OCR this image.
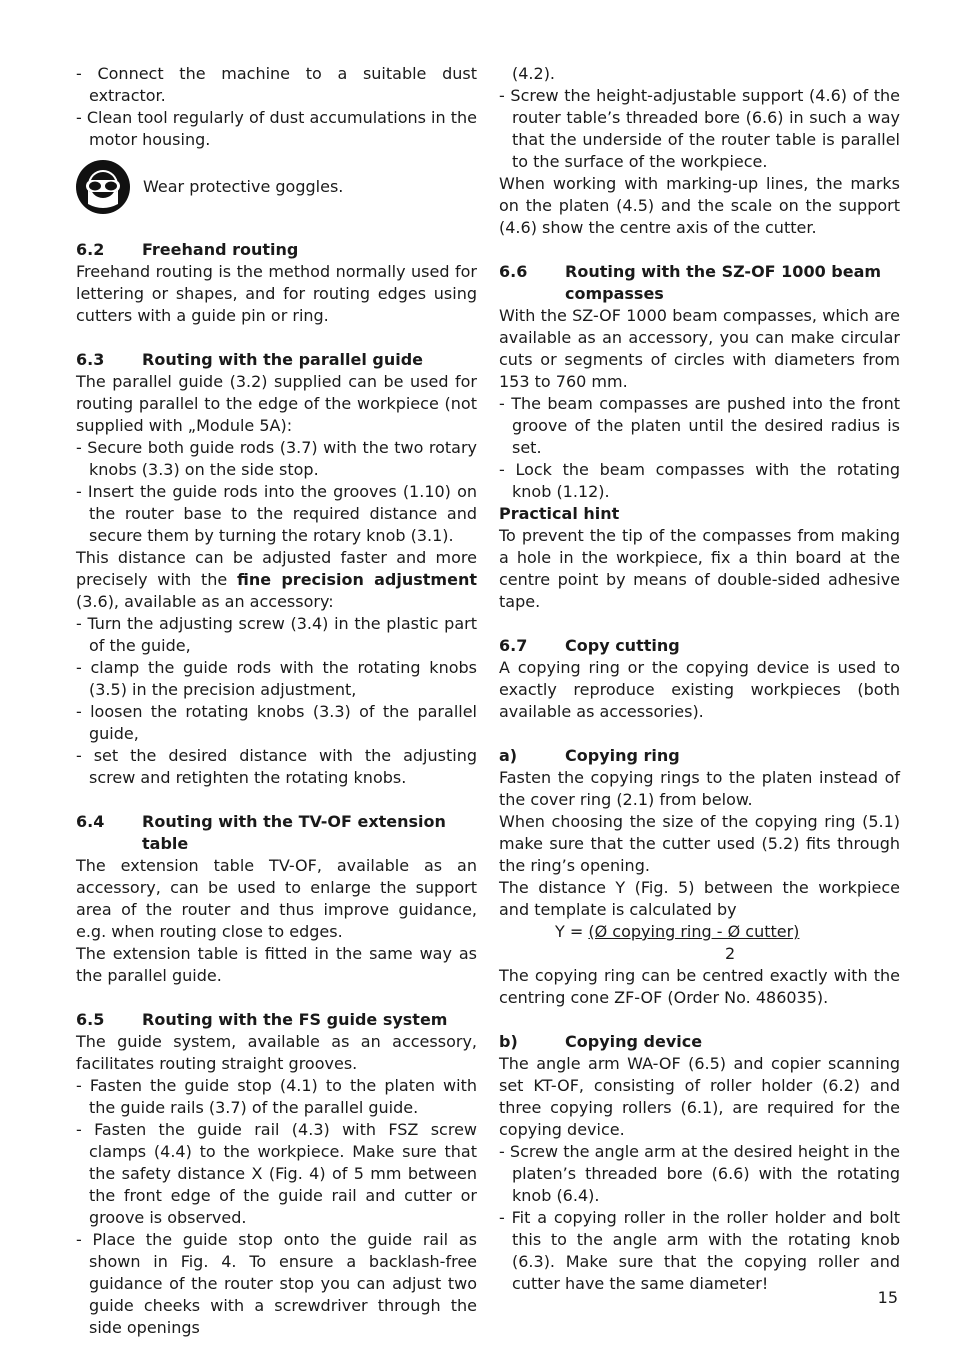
- Connect the machine to a suitable dust extractor.

- Clean tool regularly of dust accumulations in the motor housing.

Wear protective goggles.
6.2	Freehand routing

Freehand routing is the method normally used for lettering or shapes, and for routing edges using cutters with a guide pin or ring.

6.3	Routing with the parallel guide

The parallel guide (3.2) supplied can be used for routing parallel to the edge of the workpiece (not supplied with „Module 5A):

- Secure both guide rods (3.7) with the two rotary knobs (3.3) on the side stop.

- Insert the guide rods into the grooves (1.10) on the router base to the required distance and secure them by turning the rotary knob (3.1).

This distance can be adjusted faster and more precisely with the fine precision adjustment (3.6), available as an accessory:

- Turn the adjusting screw (3.4) in the plastic part of the guide,

- clamp the guide rods with the rotating knobs (3.5) in the precision adjustment,

- loosen the rotating knobs (3.3) of the parallel guide,

- set the desired distance with the adjusting screw and retighten the rotating knobs.

6.4	Routing with the TV-OF extension table

The extension table TV-OF, available as an accessory, can be used to enlarge the support area of the router and thus improve guidance, e.g. when routing close to edges.

The extension table is fitted in the same way as the parallel guide.

6.5	Routing with the FS guide system

The guide system, available as an accessory, facilitates routing straight grooves.

- Fasten the guide stop (4.1) to the platen with the guide rails (3.7) of the parallel guide.

- Fasten the guide rail (4.3) with FSZ screw clamps (4.4) to the workpiece. Make sure that the safety distance X (Fig. 4) of 5 mm between the front edge of the guide rail and cutter or groove is observed.

- Place the guide stop onto the guide rail as shown in Fig. 4. To ensure a backlash-free guidance of the router stop you can adjust two guide cheeks with a screwdriver through the side openings

(4.2).

- Screw the height-adjustable support (4.6) of the router table’s threaded bore (6.6) in such a way that the underside of the router table is parallel to the surface of the workpiece.

When working with marking-up lines, the marks on the platen (4.5) and the scale on the support (4.6) show the centre axis of the cutter.

6.6	Routing with the SZ-OF 1000 beam compasses

With the SZ-OF 1000 beam compasses, which are available as an accessory, you can make circular cuts or segments of circles with diameters from 153 to 760 mm.

- The beam compasses are pushed into the front groove of the platen until the desired radius is set.

- Lock the beam compasses with the rotating knob (1.12).

Practical hint

To prevent the tip of the compasses from making a hole in the workpiece, fix a thin board at the centre point by means of double-sided adhesive tape.

6.7	Copy cutting

A copying ring or the copying device is used to exactly reproduce existing workpieces (both available as accessories).

a)	Copying ring

Fasten the copying rings to the platen instead of the cover ring (2.1) from below.

When choosing the size of the copying ring (5.1) make sure that the cutter used (5.2) fits through the ring’s opening.

The distance Y (Fig. 5) between the workpiece and template is calculated by

Y = (Ø copying ring - Ø cutter)

2

The copying ring can be centred exactly with the centring cone ZF-OF (Order No. 486035).

b)	Copying device

The angle arm WA-OF (6.5) and copier scanning set KT-OF, consisting of roller holder (6.2) and three copying rollers (6.1), are required for the copying device.

- Screw the angle arm at the desired height in the platen’s threaded bore (6.6) with the rotating knob (6.4).

- Fit a copying roller in the roller holder and bolt this to the angle arm with the rotating knob (6.3). Make sure that the copying roller and cutter have the same diameter!

15
